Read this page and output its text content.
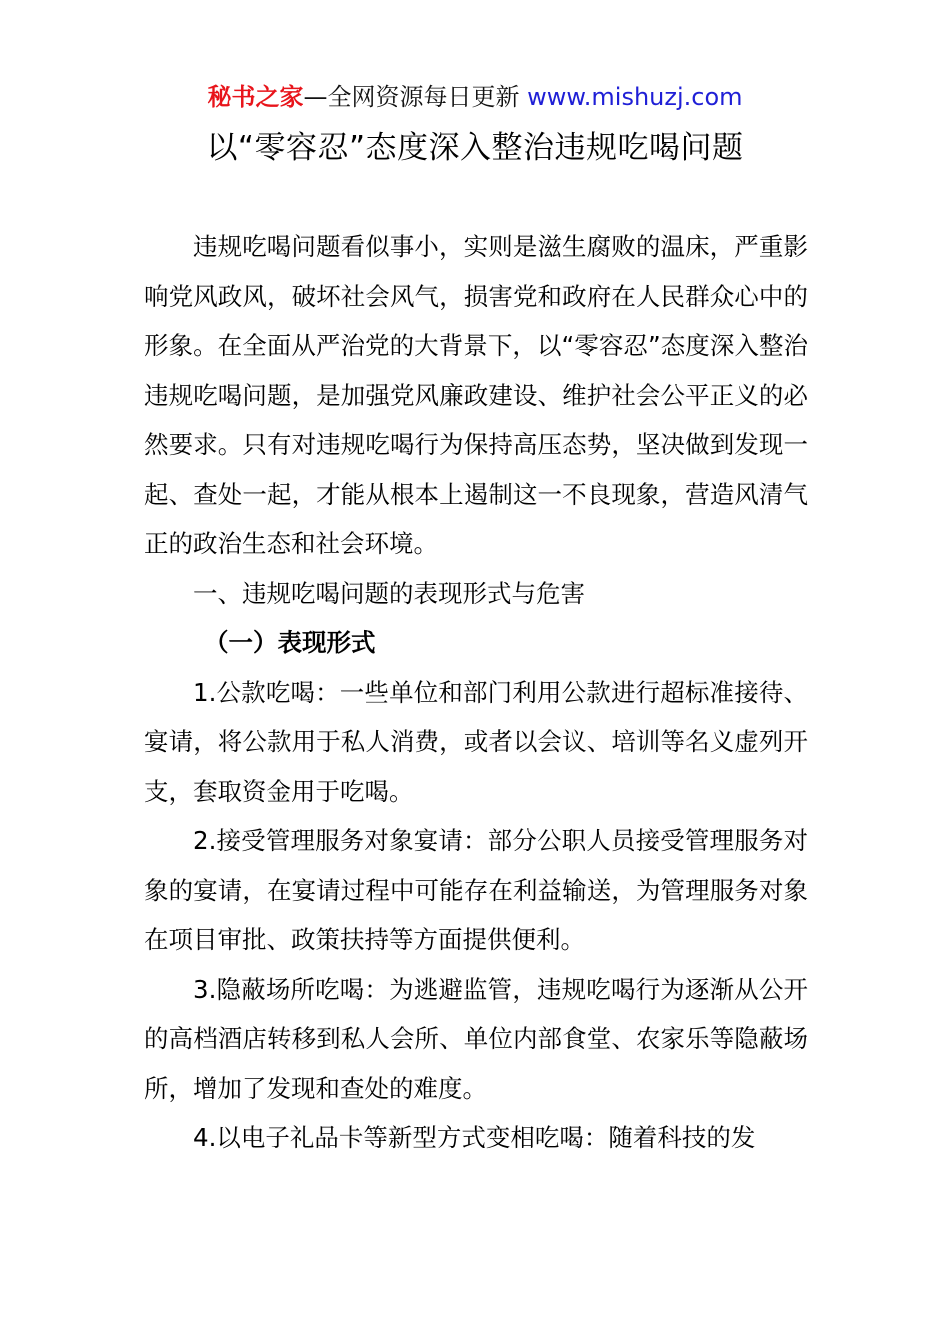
秘书之家—全网资源每日更新 www.mishuzj.com
以“零容忍”态度深入整治违规吃喝问题

违规吃喝问题看似事小，实则是滋生腐败的温床，严重影响党风政风，破坏社会风气，损害党和政府在人民群众心中的形象。在全面从严治党的大背景下，以“零容忍”态度深入整治违规吃喝问题，是加强党风廉政建设、维护社会公平正义的必然要求。只有对违规吃喝行为保持高压态势，坚决做到发现一起、查处一起，才能从根本上遏制这一不良现象，营造风清气正的政治生态和社会环境。

一、违规吃喝问题的表现形式与危害

（一）表现形式

1.公款吃喝：一些单位和部门利用公款进行超标准接待、宴请，将公款用于私人消费，或者以会议、培训等名义虚列开支，套取资金用于吃喝。

2.接受管理服务对象宴请：部分公职人员接受管理服务对象的宴请，在宴请过程中可能存在利益输送，为管理服务对象在项目审批、政策扶持等方面提供便利。

3.隐蔽场所吃喝：为逃避监管，违规吃喝行为逐渐从公开的高档酒店转移到私人会所、单位内部食堂、农家乐等隐蔽场所，增加了发现和查处的难度。

4.以电子礼品卡等新型方式变相吃喝：随着科技的发
